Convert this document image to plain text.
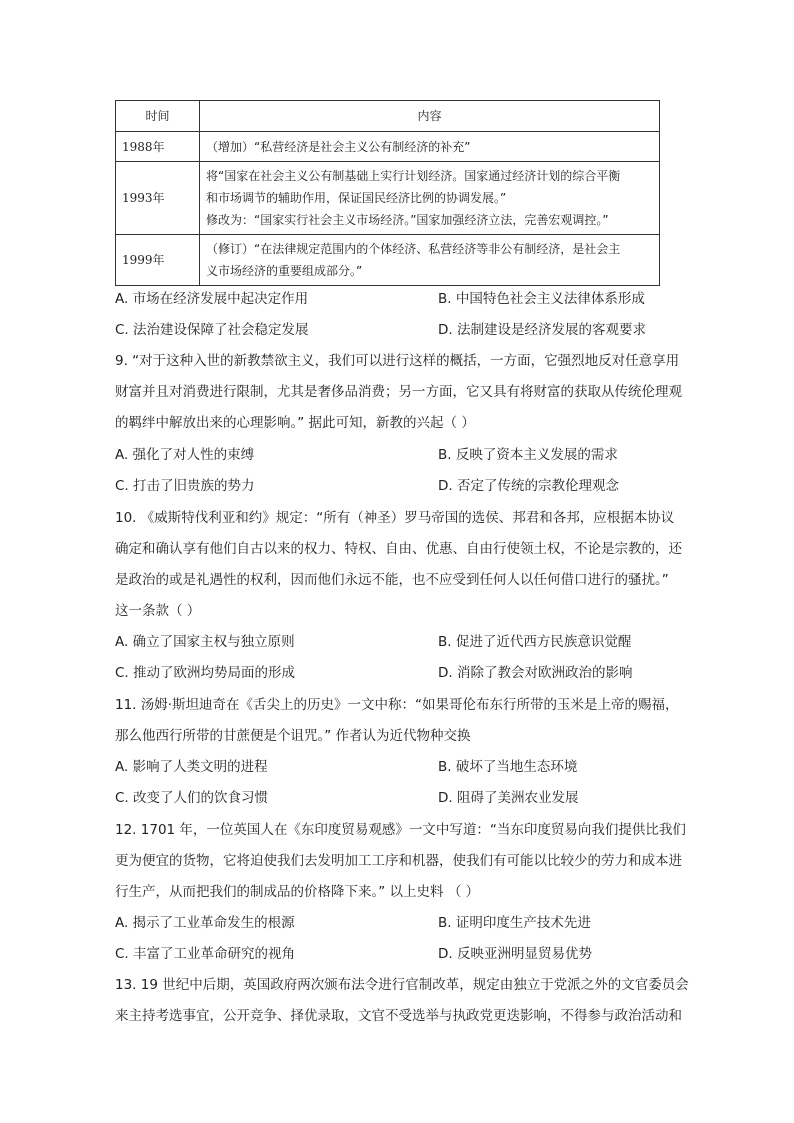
时间	内容
1988年	（增加）“私营经济是社会主义公有制经济的补充”

1993年	将“国家在社会主义公有制基础上实行计划经济。国家通过经济计划的综合平衡
和市场调节的辅助作用，保证国民经济比例的协调发展。”
修改为：“国家实行社会主义市场经济。”国家加强经济立法，完善宏观调控。”

1999年	（修订）“在法律规定范围内的个体经济、私营经济等非公有制经济，是社会主
义市场经济的重要组成部分。”
A. 市场在经济发展中起决定作用	B. 中国特色社会主义法律体系形成
C. 法治建设保障了社会稳定发展	D. 法制建设是经济发展的客观要求
9. “对于这种入世的新教禁欲主义，我们可以进行这样的概括，一方面，它强烈地反对任意享用
财富并且对消费进行限制，尤其是奢侈品消费；另一方面，它又具有将财富的获取从传统伦理观
的羁绊中解放出来的心理影响。” 据此可知，新教的兴起（ ）
A. 强化了对人性的束缚	B. 反映了资本主义发展的需求
C. 打击了旧贵族的势力	D. 否定了传统的宗教伦理观念
10. 《威斯特伐利亚和约》规定：“所有（神圣）罗马帝国的选侯、邦君和各邦，应根据本协议
确定和确认享有他们自古以来的权力、特权、自由、优惠、自由行使领土权，不论是宗教的，还
是政治的或是礼遇性的权利，因而他们永远不能，也不应受到任何人以任何借口进行的骚扰。”
这一条款（ ）
A. 确立了国家主权与独立原则	B. 促进了近代西方民族意识觉醒
C. 推动了欧洲均势局面的形成	D. 消除了教会对欧洲政治的影响
11. 汤姆·斯坦迪奇在《舌尖上的历史》一文中称：“如果哥伦布东行所带的玉米是上帝的赐福，
那么他西行所带的甘蔗便是个诅咒。” 作者认为近代物种交换
A. 影响了人类文明的进程	B. 破坏了当地生态环境
C. 改变了人们的饮食习惯	D. 阻碍了美洲农业发展
12. 1701 年，一位英国人在《东印度贸易观感》一文中写道：“当东印度贸易向我们提供比我们
更为便宜的货物，它将迫使我们去发明加工工序和机器，使我们有可能以比较少的劳力和成本进
行生产，从而把我们的制成品的价格降下来。” 以上史料 （ ）
A. 揭示了工业革命发生的根源	B. 证明印度生产技术先进
C. 丰富了工业革命研究的视角	D. 反映亚洲明显贸易优势
13. 19 世纪中后期，英国政府两次颁布法令进行官制改革，规定由独立于党派之外的文官委员会
来主持考选事宜，公开竞争、择优录取，文官不受选举与执政党更迭影响，不得参与政治活动和
